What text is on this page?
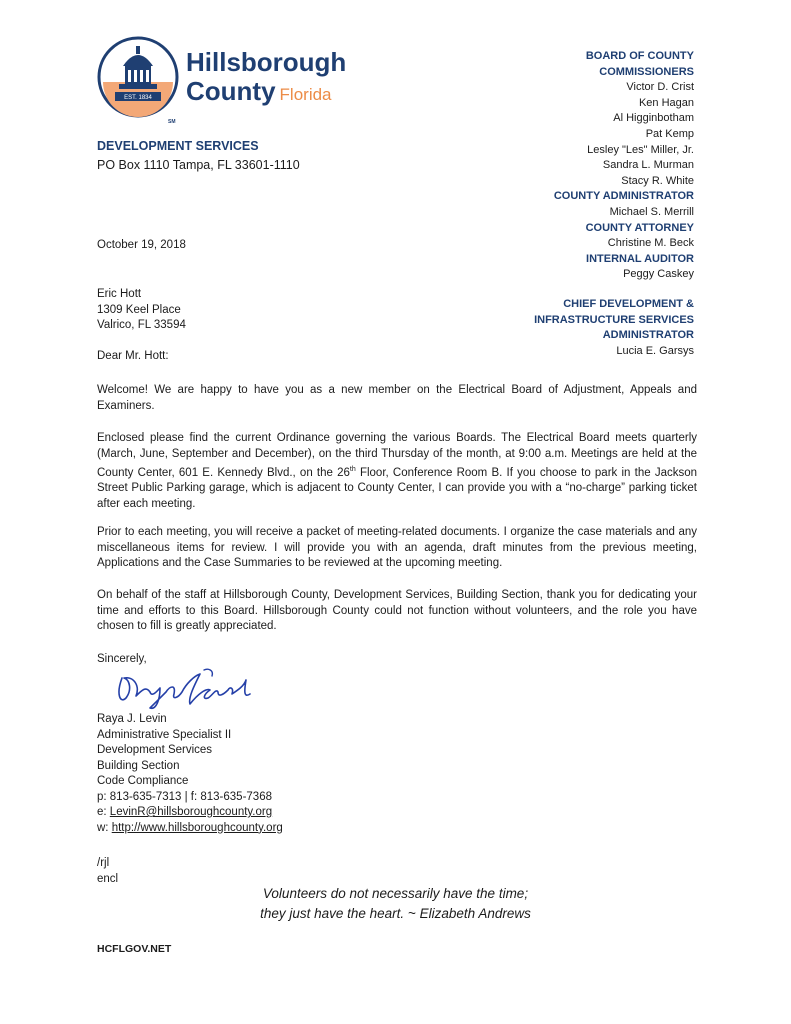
EST. 1834
Hillsborough
County Florida
SM
DEVELOPMENT SERVICES
PO Box 1110 Tampa, FL 33601-1110
BOARD OF COUNTY
COMMISSIONERS
Victor D. Crist
Ken Hagan
Al Higginbotham
Pat Kemp
Lesley "Les" Miller, Jr.
Sandra L. Murman
Stacy R. White
COUNTY ADMINISTRATOR
Michael S. Merrill
COUNTY ATTORNEY
Christine M. Beck
INTERNAL AUDITOR
Peggy Caskey
CHIEF DEVELOPMENT &
INFRASTRUCTURE SERVICES
ADMINISTRATOR
Lucia E. Garsys
October 19, 2018
Eric Hott
1309 Keel Place
Valrico, FL 33594
Dear Mr. Hott:
Welcome! We are happy to have you as a new member on the Electrical Board of Adjustment, Appeals and Examiners.
Enclosed please find the current Ordinance governing the various Boards. The Electrical Board meets quarterly (March, June, September and December), on the third Thursday of the month, at 9:00 a.m. Meetings are held at the County Center, 601 E. Kennedy Blvd., on the 26th Floor, Conference Room B. If you choose to park in the Jackson Street Public Parking garage, which is adjacent to County Center, I can provide you with a “no-charge” parking ticket after each meeting.
Prior to each meeting, you will receive a packet of meeting-related documents. I organize the case materials and any miscellaneous items for review. I will provide you with an agenda, draft minutes from the previous meeting, Applications and the Case Summaries to be reviewed at the upcoming meeting.
On behalf of the staff at Hillsborough County, Development Services, Building Section, thank you for dedicating your time and efforts to this Board. Hillsborough County could not function without volunteers, and the role you have chosen to fill is greatly appreciated.
Sincerely,
Raya J. Levin
Administrative Specialist II
Development Services
Building Section
Code Compliance
p: 813-635-7313 | f: 813-635-7368
e: LevinR@hillsboroughcounty.org
w: http://www.hillsboroughcounty.org
/rjl
encl
Volunteers do not necessarily have the time;
they just have the heart. ~ Elizabeth Andrews
HCFLGOV.NET
